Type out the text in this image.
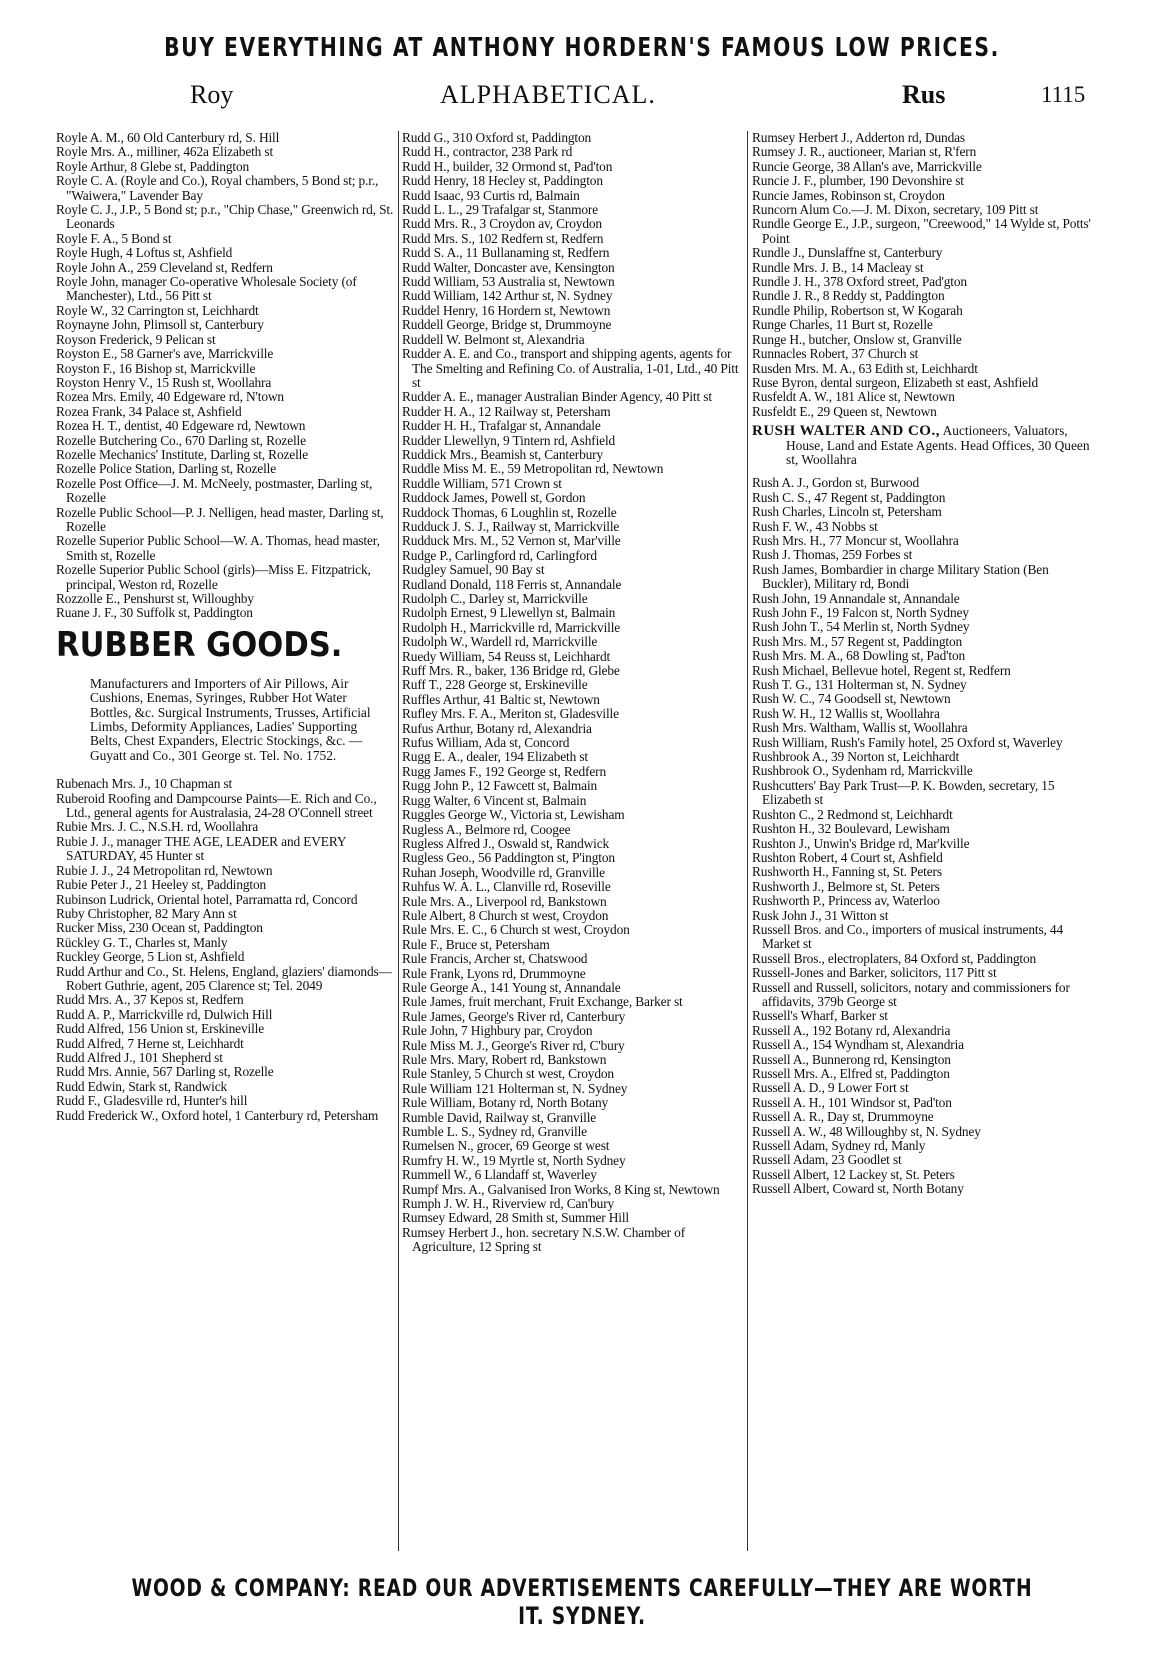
BUY EVERYTHING AT ANTHONY HORDERN'S FAMOUS LOW PRICES.
Roy	ALPHABETICAL.	Rus	1115
Royle A. M., 60 Old Canterbury rd, S. Hill
Royle Mrs. A., milliner, 462a Elizabeth st
Royle Arthur, 8 Glebe st, Paddington
Royle C. A. (Royle and Co.), Royal chambers, 5 Bond st; p.r., "Waiwera," Lavender Bay
Royle C. J., J.P., 5 Bond st; p.r., "Chip Chase," Greenwich rd, St. Leonards
Royle F. A., 5 Bond st
Royle Hugh, 4 Loftus st, Ashfield
Royle John A., 259 Cleveland st, Redfern
Royle John, manager Co-operative Wholesale Society (of Manchester), Ltd., 56 Pitt st
Royle W., 32 Carrington st, Leichhardt
Roynayne John, Plimsoll st, Canterbury
Royson Frederick, 9 Pelican st
Royston E., 58 Garner's ave, Marrickville
Royston F., 16 Bishop st, Marrickville
Royston Henry V., 15 Rush st, Woollahra
Rozea Mrs. Emily, 40 Edgeware rd, N'town
Rozea Frank, 34 Palace st, Ashfield
Rozea H. T., dentist, 40 Edgeware rd, Newtown
Rozelle Butchering Co., 670 Darling st, Rozelle
Rozelle Mechanics' Institute, Darling st, Rozelle
Rozelle Police Station, Darling st, Rozelle
Rozelle Post Office—J. M. McNeely, postmaster, Darling st, Rozelle
Rozelle Public School—P. J. Nelligen, head master, Darling st, Rozelle
Rozelle Superior Public School—W. A. Thomas, head master, Smith st, Rozelle
Rozelle Superior Public School (girls)—Miss E. Fitzpatrick, principal, Weston rd, Rozelle
Rozzolle E., Penshurst st, Willoughby
Ruane J. F., 30 Suffolk st, Paddington
RUBBER GOODS.
Manufacturers and Importers of Air Pillows, Air Cushions, Enemas, Syringes, Rubber Hot Water Bottles, &c. Surgical Instruments, Trusses, Artificial Limbs, Deformity Appliances, Ladies' Supporting Belts, Chest Expanders, Electric Stockings, &c. — Guyatt and Co., 301 George st. Tel. No. 1752.
Rubenach Mrs. J., 10 Chapman st
Ruberoid Roofing and Dampcourse Paints—E. Rich and Co., Ltd., general agents for Australasia, 24-28 O'Connell street
Rubie Mrs. J. C., N.S.H. rd, Woollahra
Rubie J. J., manager THE AGE, LEADER and EVERY SATURDAY, 45 Hunter st
Rubie J. J., 24 Metropolitan rd, Newtown
Rubie Peter J., 21 Heeley st, Paddington
Rubinson Ludrick, Oriental hotel, Parramatta rd, Concord
Ruby Christopher, 82 Mary Ann st
Rucker Miss, 230 Ocean st, Paddington
Rückley G. T., Charles st, Manly
Ruckley George, 5 Lion st, Ashfield
Rudd Arthur and Co., St. Helens, England, glaziers' diamonds—Robert Guthrie, agent, 205 Clarence st; Tel. 2049
Rudd Mrs. A., 37 Kepos st, Redfern
Rudd A. P., Marrickville rd, Dulwich Hill
Rudd Alfred, 156 Union st, Erskineville
Rudd Alfred, 7 Herne st, Leichhardt
Rudd Alfred J., 101 Shepherd st
Rudd Mrs. Annie, 567 Darling st, Rozelle
Rudd Edwin, Stark st, Randwick
Rudd F., Gladesville rd, Hunter's hill
Rudd Frederick W., Oxford hotel, 1 Canterbury rd, Petersham
Rudd G., 310 Oxford st, Paddington
Rudd H., contractor, 238 Park rd
Rudd H., builder, 32 Ormond st, Pad'ton
Rudd Henry, 18 Hecley st, Paddington
Rudd Isaac, 93 Curtis rd, Balmain
Rudd L. L., 29 Trafalgar st, Stanmore
Rudd Mrs. R., 3 Croydon av, Croydon
Rudd Mrs. S., 102 Redfern st, Redfern
Rudd S. A., 11 Bullanaming st, Redfern
Rudd Walter, Doncaster ave, Kensington
Rudd William, 53 Australia st, Newtown
Rudd William, 142 Arthur st, N. Sydney
Ruddel Henry, 16 Hordern st, Newtown
Ruddell George, Bridge st, Drummoyne
Ruddell W. Belmont st, Alexandria
Rudder A. E. and Co., transport and shipping agents, agents for The Smelting and Refining Co. of Australia, 1-01, Ltd., 40 Pitt st
Rudder A. E., manager Australian Binder Agency, 40 Pitt st
Rudder H. A., 12 Railway st, Petersham
Rudder H. H., Trafalgar st, Annandale
Rudder Llewellyn, 9 Tintern rd, Ashfield
Ruddick Mrs., Beamish st, Canterbury
Ruddle Miss M. E., 59 Metropolitan rd, Newtown
Ruddle William, 571 Crown st
Ruddock James, Powell st, Gordon
Ruddock Thomas, 6 Loughlin st, Rozelle
Rudduck J. S. J., Railway st, Marrickville
Rudduck Mrs. M., 52 Vernon st, Mar'ville
Rudge P., Carlingford rd, Carlingford
Rudgley Samuel, 90 Bay st
Rudland Donald, 118 Ferris st, Annandale
Rudolph C., Darley st, Marrickville
Rudolph Ernest, 9 Llewellyn st, Balmain
Rudolph H., Marrickville rd, Marrickville
Rudolph W., Wardell rd, Marrickville
Ruedy William, 54 Reuss st, Leichhardt
Ruff Mrs. R., baker, 136 Bridge rd, Glebe
Ruff T., 228 George st, Erskineville
Ruffles Arthur, 41 Baltic st, Newtown
Rufley Mrs. F. A., Meriton st, Gladesville
Rufus Arthur, Botany rd, Alexandria
Rufus William, Ada st, Concord
Rugg E. A., dealer, 194 Elizabeth st
Rugg James F., 192 George st, Redfern
Rugg John P., 12 Fawcett st, Balmain
Rugg Walter, 6 Vincent st, Balmain
Ruggles George W., Victoria st, Lewisham
Rugless A., Belmore rd, Coogee
Rugless Alfred J., Oswald st, Randwick
Rugless Geo., 56 Paddington st, P'ington
Ruhan Joseph, Woodville rd, Granville
Ruhfus W. A. L., Clanville rd, Roseville
Rule Mrs. A., Liverpool rd, Bankstown
Rule Albert, 8 Church st west, Croydon
Rule Mrs. E. C., 6 Church st west, Croydon
Rule F., Bruce st, Petersham
Rule Francis, Archer st, Chatswood
Rule Frank, Lyons rd, Drummoyne
Rule George A., 141 Young st, Annandale
Rule James, fruit merchant, Fruit Exchange, Barker st
Rule James, George's River rd, Canterbury
Rule John, 7 Highbury par, Croydon
Rule Miss M. J., George's River rd, C'bury
Rule Mrs. Mary, Robert rd, Bankstown
Rule Stanley, 5 Church st west, Croydon
Rule William 121 Holterman st, N. Sydney
Rule William, Botany rd, North Botany
Rumble David, Railway st, Granville
Rumble L. S., Sydney rd, Granville
Rumelsen N., grocer, 69 George st west
Rumfry H. W., 19 Myrtle st, North Sydney
Rummell W., 6 Llandaff st, Waverley
Rumpf Mrs. A., Galvanised Iron Works, 8 King st, Newtown
Rumph J. W. H., Riverview rd, Can'bury
Rumsey Edward, 28 Smith st, Summer Hill
Rumsey Herbert J., hon. secretary N.S.W. Chamber of Agriculture, 12 Spring st
Rumsey Herbert J., Adderton rd, Dundas
Rumsey J. R., auctioneer, Marian st, R'fern
Runcie George, 38 Allan's ave, Marrickville
Runcie J. F., plumber, 190 Devonshire st
Runcie James, Robinson st, Croydon
Runcorn Alum Co.—J. M. Dixon, secretary, 109 Pitt st
Rundle George E., J.P., surgeon, "Creewood," 14 Wylde st, Potts' Point
Rundle J., Dunslaffne st, Canterbury
Rundle Mrs. J. B., 14 Macleay st
Rundle J. H., 378 Oxford street, Pad'gton
Rundle J. R., 8 Reddy st, Paddington
Rundle Philip, Robertson st, W Kogarah
Runge Charles, 11 Burt st, Rozelle
Runge H., butcher, Onslow st, Granville
Runnacles Robert, 37 Church st
Rusden Mrs. M. A., 63 Edith st, Leichhardt
Ruse Byron, dental surgeon, Elizabeth st east, Ashfield
Rusfeldt A. W., 181 Alice st, Newtown
Rusfeldt E., 29 Queen st, Newtown
RUSH WALTER AND CO., Auctioneers, Valuators, House, Land and Estate Agents. Head Offices, 30 Queen st, Woollahra
Rush A. J., Gordon st, Burwood
Rush C. S., 47 Regent st, Paddington
Rush Charles, Lincoln st, Petersham
Rush F. W., 43 Nobbs st
Rush Mrs. H., 77 Moncur st, Woollahra
Rush J. Thomas, 259 Forbes st
Rush James, Bombardier in charge Military Station (Ben Buckler), Military rd, Bondi
Rush John, 19 Annandale st, Annandale
Rush John F., 19 Falcon st, North Sydney
Rush John T., 54 Merlin st, North Sydney
Rush Mrs. M., 57 Regent st, Paddington
Rush Mrs. M. A., 68 Dowling st, Pad'ton
Rush Michael, Bellevue hotel, Regent st, Redfern
Rush T. G., 131 Holterman st, N. Sydney
Rush W. C., 74 Goodsell st, Newtown
Rush W. H., 12 Wallis st, Woollahra
Rush Mrs. Waltham, Wallis st, Woollahra
Rush William, Rush's Family hotel, 25 Oxford st, Waverley
Rushbrook A., 39 Norton st, Leichhardt
Rushbrook O., Sydenham rd, Marrickville
Rushcutters' Bay Park Trust—P. K. Bowden, secretary, 15 Elizabeth st
Rushton C., 2 Redmond st, Leichhardt
Rushton H., 32 Boulevard, Lewisham
Rushton J., Unwin's Bridge rd, Mar'kville
Rushton Robert, 4 Court st, Ashfield
Rushworth H., Fanning st, St. Peters
Rushworth J., Belmore st, St. Peters
Rushworth P., Princess av, Waterloo
Rusk John J., 31 Witton st
Russell Bros. and Co., importers of musical instruments, 44 Market st
Russell Bros., electroplaters, 84 Oxford st, Paddington
Russell-Jones and Barker, solicitors, 117 Pitt st
Russell and Russell, solicitors, notary and commissioners for affidavits, 379b George st
Russell's Wharf, Barker st
Russell A., 192 Botany rd, Alexandria
Russell A., 154 Wyndham st, Alexandria
Russell A., Bunnerong rd, Kensington
Russell Mrs. A., Elfred st, Paddington
Russell A. D., 9 Lower Fort st
Russell A. H., 101 Windsor st, Pad'ton
Russell A. R., Day st, Drummoyne
Russell A. W., 48 Willoughby st, N. Sydney
Russell Adam, Sydney rd, Manly
Russell Adam, 23 Goodlet st
Russell Albert, 12 Lackey st, St. Peters
Russell Albert, Coward st, North Botany
WOOD & COMPANY: READ OUR ADVERTISEMENTS CAREFULLY—THEY ARE WORTH IT. SYDNEY.
